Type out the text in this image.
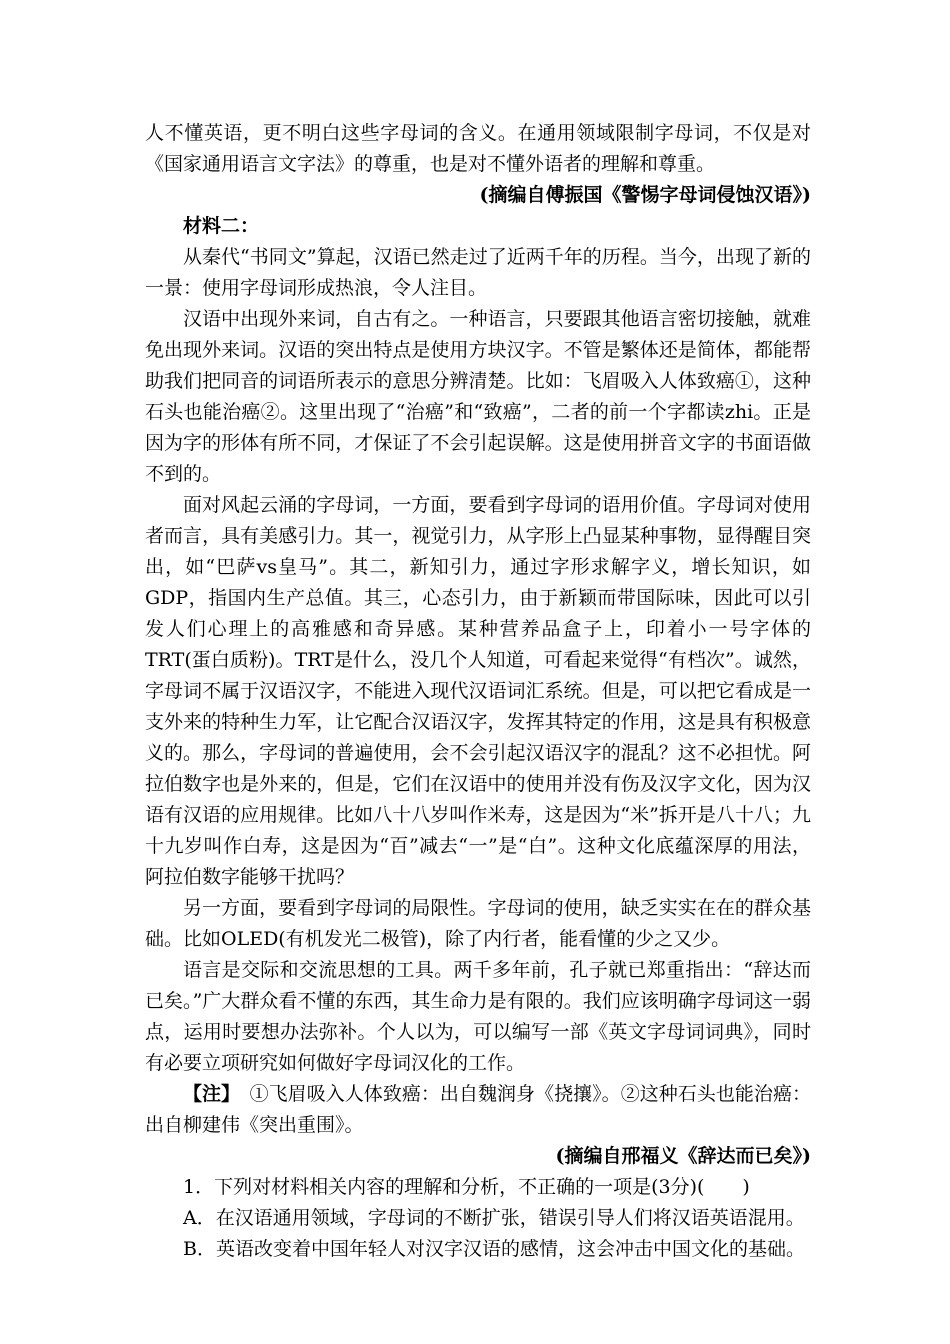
人不懂英语，更不明白这些字母词的含义。在通用领域限制字母词，不仅是对《国家通用语言文字法》的尊重，也是对不懂外语者的理解和尊重。

(摘编自傅振国《警惕字母词侵蚀汉语》)

材料二：

从秦代“书同文”算起，汉语已然走过了近两千年的历程。当今，出现了新的一景：使用字母词形成热浪，令人注目。

汉语中出现外来词，自古有之。一种语言，只要跟其他语言密切接触，就难免出现外来词。汉语的突出特点是使用方块汉字。不管是繁体还是简体，都能帮助我们把同音的词语所表示的意思分辨清楚。比如：飞眉吸入人体致癌①，这种石头也能治癌②。这里出现了“治癌”和“致癌”，二者的前一个字都读zhi。正是因为字的形体有所不同，才保证了不会引起误解。这是使用拼音文字的书面语做不到的。

面对风起云涌的字母词，一方面，要看到字母词的语用价值。字母词对使用者而言，具有美感引力。其一，视觉引力，从字形上凸显某种事物，显得醒目突出，如“巴萨vs皇马”。其二，新知引力，通过字形求解字义，增长知识，如GDP，指国内生产总值。其三，心态引力，由于新颖而带国际味，因此可以引发人们心理上的高雅感和奇异感。某种营养品盒子上，印着小一号字体的TRT(蛋白质粉)。TRT是什么，没几个人知道，可看起来觉得“有档次”。诚然，字母词不属于汉语汉字，不能进入现代汉语词汇系统。但是，可以把它看成是一支外来的特种生力军，让它配合汉语汉字，发挥其特定的作用，这是具有积极意义的。那么，字母词的普遍使用，会不会引起汉语汉字的混乱？这不必担忧。阿拉伯数字也是外来的，但是，它们在汉语中的使用并没有伤及汉字文化，因为汉语有汉语的应用规律。比如八十八岁叫作米寿，这是因为“米”拆开是八十八；九十九岁叫作白寿，这是因为“百”减去“一”是“白”。这种文化底蕴深厚的用法，阿拉伯数字能够干扰吗？

另一方面，要看到字母词的局限性。字母词的使用，缺乏实实在在的群众基础。比如OLED(有机发光二极管)，除了内行者，能看懂的少之又少。

语言是交际和交流思想的工具。两千多年前，孔子就已郑重指出：“辞达而已矣。”广大群众看不懂的东西，其生命力是有限的。我们应该明确字母词这一弱点，运用时要想办法弥补。个人以为，可以编写一部《英文字母词词典》，同时有必要立项研究如何做好字母词汉化的工作。

【注】　①飞眉吸入人体致癌：出自魏润身《挠攘》。②这种石头也能治癌：出自柳建伟《突出重围》。

(摘编自邢福义《辞达而已矣》)

1．下列对材料相关内容的理解和分析，不正确的一项是(3分)(　　)

A．在汉语通用领域，字母词的不断扩张，错误引导人们将汉语英语混用。

B．英语改变着中国年轻人对汉字汉语的感情，这会冲击中国文化的基础。
